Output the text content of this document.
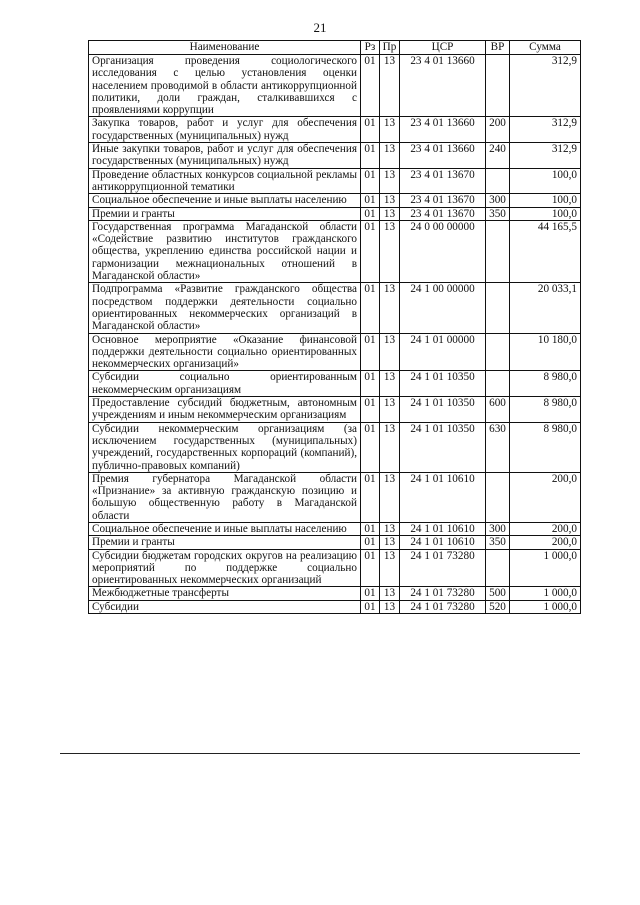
21
Наименование	Рз	Пр	ЦСР	ВР	Сумма
Организация проведения социологического исследования с целью установления оценки населением проводимой в области антикоррупционной политики, доли граждан, сталкивавшихся с проявлениями коррупции	01	13	23 4 01 13660		312,9
Закупка товаров, работ и услуг для обеспечения государственных (муниципальных) нужд	01	13	23 4 01 13660	200	312,9
Иные закупки товаров, работ и услуг для обеспечения государственных (муниципальных) нужд	01	13	23 4 01 13660	240	312,9
Проведение областных конкурсов социальной рекламы антикоррупционной тематики	01	13	23 4 01 13670		100,0
Социальное обеспечение и иные выплаты населению	01	13	23 4 01 13670	300	100,0
Премии и гранты	01	13	23 4 01 13670	350	100,0
Государственная программа Магаданской области «Содействие развитию институтов гражданского общества, укреплению единства российской нации и гармонизации межнациональных отношений в Магаданской области»	01	13	24 0 00 00000		44 165,5
Подпрограмма «Развитие гражданского общества посредством поддержки деятельности социально ориентированных некоммерческих организаций в Магаданской области»	01	13	24 1 00 00000		20 033,1
Основное мероприятие «Оказание финансовой поддержки деятельности социально ориентированных некоммерческих организаций»	01	13	24 1 01 00000		10 180,0
Субсидии социально ориентированным некоммерческим организациям	01	13	24 1 01 10350		8 980,0
Предоставление субсидий бюджетным, автономным учреждениям и иным некоммерческим организациям	01	13	24 1 01 10350	600	8 980,0
Субсидии некоммерческим организациям (за исключением государственных (муниципальных) учреждений, государственных корпораций (компаний), публично-правовых компаний)	01	13	24 1 01 10350	630	8 980,0
Премия губернатора Магаданской области «Признание» за активную гражданскую позицию и большую общественную работу в Магаданской области	01	13	24 1 01 10610		200,0
Социальное обеспечение и иные выплаты населению	01	13	24 1 01 10610	300	200,0
Премии и гранты	01	13	24 1 01 10610	350	200,0
Субсидии бюджетам городских округов на реализацию мероприятий по поддержке социально ориентированных некоммерческих организаций	01	13	24 1 01 73280		1 000,0
Межбюджетные трансферты	01	13	24 1 01 73280	500	1 000,0
Субсидии	01	13	24 1 01 73280	520	1 000,0
